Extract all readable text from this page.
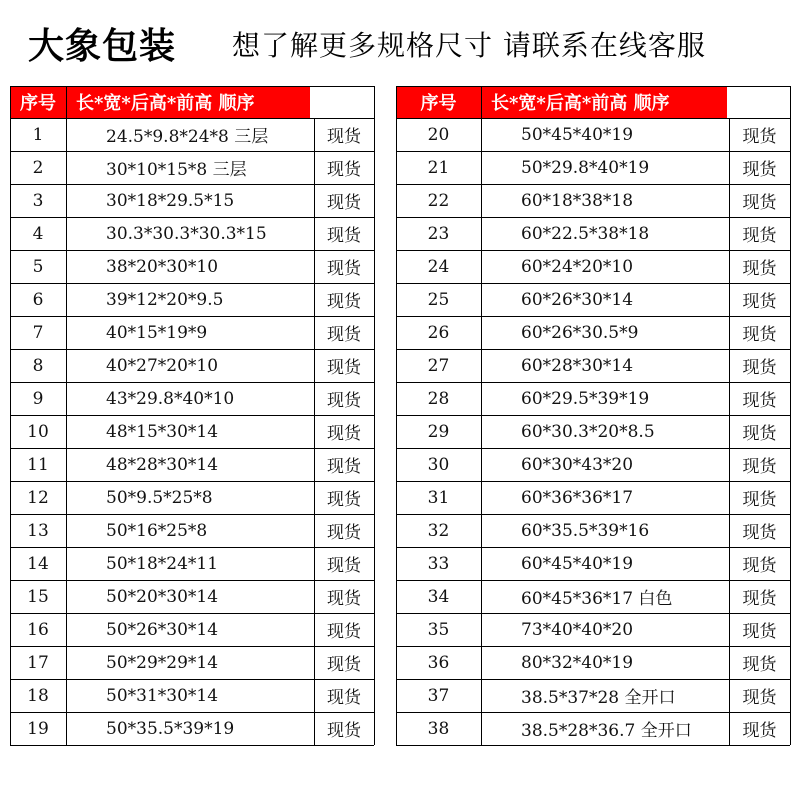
大象包装 想了解更多规格尺寸 请联系在线客服
序号	长*宽*后高*前高 顺序
1	24.5*9.8*24*8 三层	现货
2	30*10*15*8 三层	现货
3	30*18*29.5*15	现货
4	30.3*30.3*30.3*15	现货
5	38*20*30*10	现货
6	39*12*20*9.5	现货
7	40*15*19*9	现货
8	40*27*20*10	现货
9	43*29.8*40*10	现货
10	48*15*30*14	现货
11	48*28*30*14	现货
12	50*9.5*25*8	现货
13	50*16*25*8	现货
14	50*18*24*11	现货
15	50*20*30*14	现货
16	50*26*30*14	现货
17	50*29*29*14	现货
18	50*31*30*14	现货
19	50*35.5*39*19	现货
序号	长*宽*后高*前高 顺序
20	50*45*40*19	现货
21	50*29.8*40*19	现货
22	60*18*38*18	现货
23	60*22.5*38*18	现货
24	60*24*20*10	现货
25	60*26*30*14	现货
26	60*26*30.5*9	现货
27	60*28*30*14	现货
28	60*29.5*39*19	现货
29	60*30.3*20*8.5	现货
30	60*30*43*20	现货
31	60*36*36*17	现货
32	60*35.5*39*16	现货
33	60*45*40*19	现货
34	60*45*36*17 白色	现货
35	73*40*40*20	现货
36	80*32*40*19	现货
37	38.5*37*28 全开口	现货
38	38.5*28*36.7 全开口	现货
